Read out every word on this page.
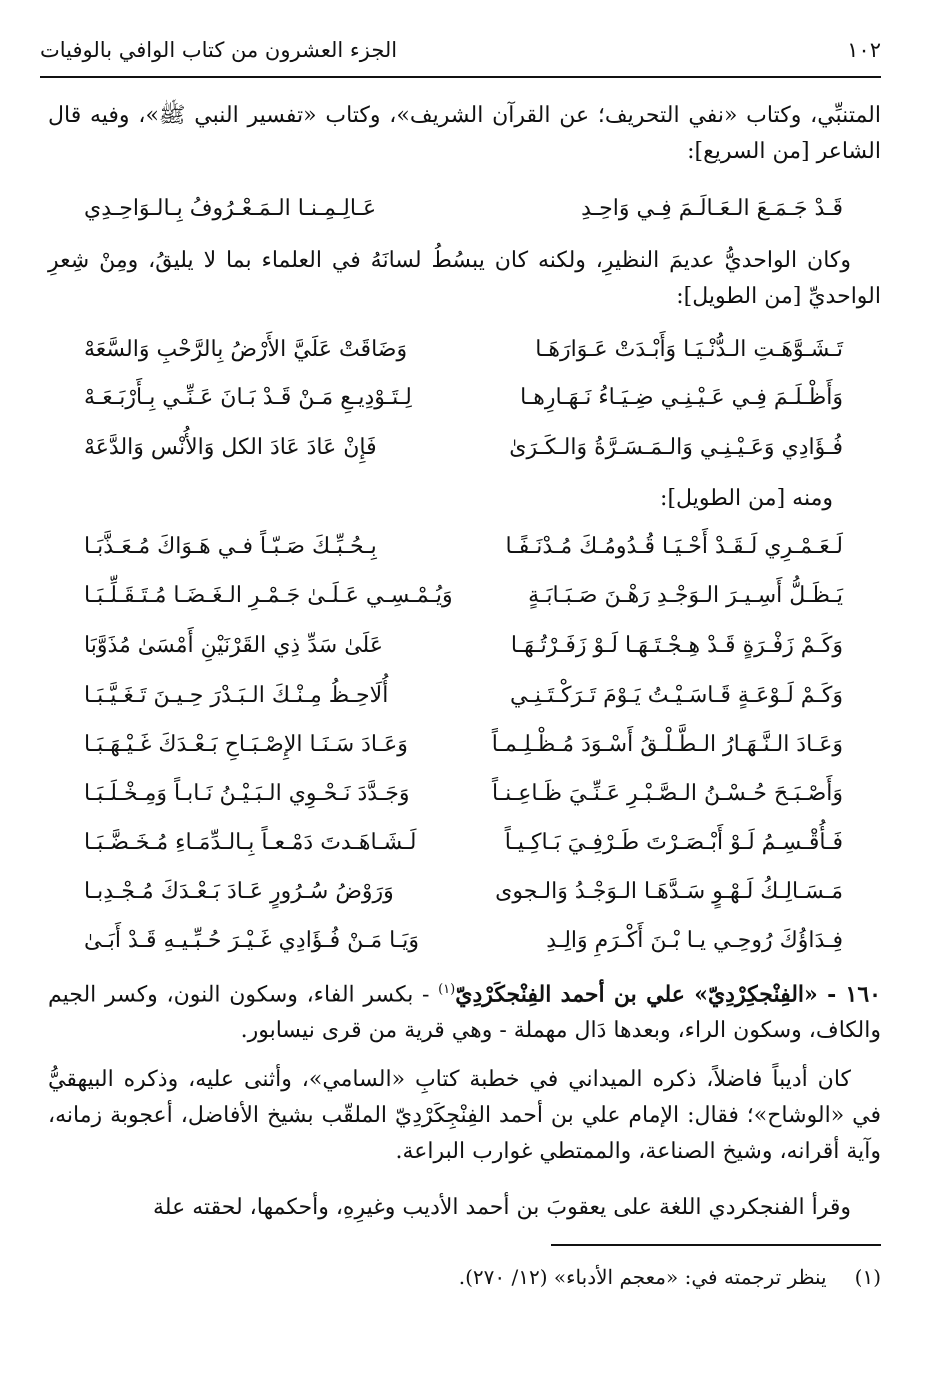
الجزء العشرون من كتاب الوافي بالوفيات	١٠٢
المتنبِّي، وكتاب «نفي التحريف؛ عن القرآن الشريف»، وكتاب «تفسير النبي ﷺ»، وفيه قال الشاعر [من السريع]:
قَـدْ جَـمَـعَ الـعَـالَـمَ فِـي وَاحِـدِ
عَـالِـمِـنـا الـمَـعْـرُوفُ بِـالـوَاحِـدِي
وكان الواحديُّ عديمَ النظيرِ، ولكنه كان يبسُطُ لسانَهُ في العلماء بما لا يليقُ، ومِنْ شِعرِ الواحديِّ [من الطويل]:
تَـشَـوَّهَـتِ الـدُّنْـيَـا وَأَبْـدَتْ عَـوَارَهَـا
وَضَاقَتْ عَلَيَّ الأَرْضُ بِالرَّحْبِ وَالسَّعَهْ
وَأَظْـلَـمَ فِـي عَـيْـنِـي ضِـيَـاءُ نَـهَـارِهـا
لِـتَـوْدِيـعِ مَـنْ قَـدْ بَـانَ عَـنِّـي بِـأَرْبَـعَـهْ
فُـؤَادِي وَعَـيْـنِـي وَالـمَـسَـرَّةُ وَالـكَـرَىٰ
فَإِنْ عَادَ عَادَ الكل وَالأُنْس وَالدَّعَهْ
ومنه [من الطويل]:
لَـعَـمْـرِي لَـقَـدْ أَحْـيَـا قُـدُومُـكَ مُـدْنَـفًـا
بِـحُـبِّـكَ صَـبّـاً فـي هَـوَاكَ مُـعَـذَّبَـا
يَـظَـلُّ أَسِـيـرَ الـوَجْـدِ رَهْـنَ صَـبَـابَـةٍ
وَيُـمْـسِـي عَـلَـىٰ جَـمْـرِ الـغَـضَـا مُـتَـقَـلِّـبَـا
وَكَـمْ زَفْـرَةٍ قَـدْ هِـجْـتَـهَـا لَـوْ زَفَـرْتُـهَـا
عَلَىٰ سَدِّ ذِي القَرْنَيْنِ أَمْسَىٰ مُذَوَّبَا
وَكَـمْ لَـوْعَـةٍ قَـاسَـيْـتُ يَـوْمَ تَـرَكْـتَـنِـي
أُلَاحِـظُ مِـنْـكَ الـبَـدْرَ حِـيـنَ تَـغَـيَّـبَـا
وَعَـادَ الـنَّـهَـارُ الـطَّـلْـقُ أَسْـوَدَ مُـظْـلِـمـاً
وَعَـادَ سَـنَـا الإِصْـبَـاحِ بَـعْـدَكَ غَـيْـهَـبَـا
وَأَصْـبَـحَ حُـسْـنُ الـصَّـبْـرِ عَـنِّـيَ ظَـاعِـنـاً
وَجَـدَّدَ نَـحْـوِي الـبَـيْـنُ نَـابـاً وَمِـخْـلَـبَـا
فَـأُقْـسِـمُ لَـوْ أَبْـصَـرْتَ طَـرْفِـيَ بَـاكِـيـاً
لَـشَـاهَـدتَ دَمْـعـاً بِـالـدِّمَـاءِ مُـخَـضَّـبَـا
مَـسَـالِـكُ لَـهْـوٍ سَـدَّهَـا الـوَجْـدُ وَالـجوى
وَرَوْضُ سُـرُورٍ عَـادَ بَـعْـدَكَ مُـجْـدِبـا
فِـدَاؤُكَ رُوحِـي يـا بْـنَ أَكْـرَمِ وَالِـدِ
وَيَـا مَـنْ فُـؤَادِي غَـيْـرَ حُـبِّـيـهِ قَـدْ أَبَـىٰ
١٦٠ - «الفِنْجكِرْدِيّ» علي بن أحمد الفِنْجكَرْدِيّ$^{(١)}$ - بكسر الفاء، وسكون النون، وكسر الجيم والكاف، وسكون الراء، وبعدها دَال مهملة - وهي قرية من قرى نيسابور.
كان أديباً فاضلاً، ذكره الميداني في خطبة كتابِ «السامي»، وأثنى عليه، وذكره البيهقيُّ في «الوشاح»؛ فقال: الإمام علي بن أحمد الفِنْجِكَرْدِيّ الملقّب بشيخ الأفاضل، أعجوبة زمانه، وآية أقرانه، وشيخ الصناعة، والممتطي غوارب البراعة.
وقرأ الفنجكردي اللغة على يعقوبَ بن أحمد الأديب وغيرِهِ، وأحكمها، لحقته علة
(١)
ينظر ترجمته في: «معجم الأدباء» (١٢/ ٢٧٠).
